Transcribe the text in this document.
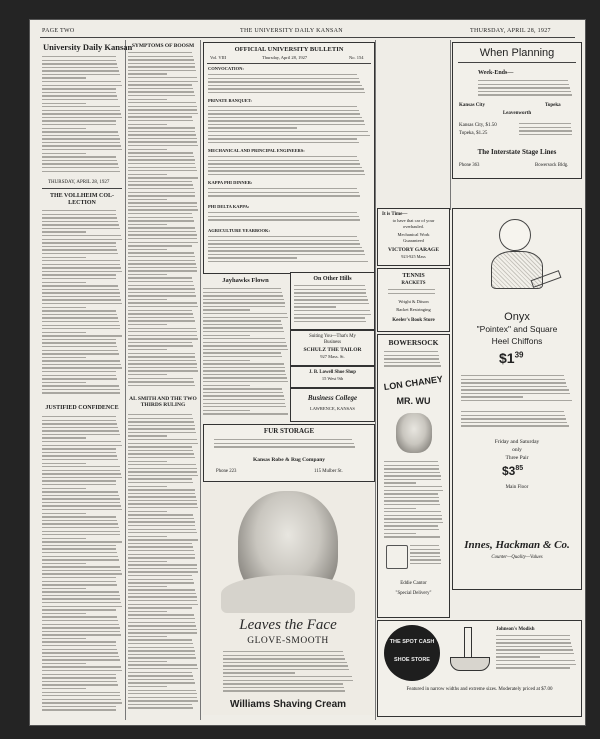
PAGE TWO	THE UNIVERSITY DAILY KANSAN	THURSDAY, APRIL 28, 1927
University Daily Kansan
THURSDAY, APRIL 28, 1927
THE VOLLHEIM COL-
LECTION
JUSTIFIED CONFIDENCE
SYMPTOMS OF BOOSM
AL SMITH AND THE TWO
THIRDS RULING
OFFICIAL UNIVERSITY BULLETIN
Vol. VIII	Thursday, April 28, 1927	No. 154
CONVOCATION:
PRIVATE BANQUET:
MECHANICAL AND PRINCIPAL ENGINEERS:
KAPPA PHI DINNER:
PHI DELTA KAPPA:
AGRICULTURE YEARBOOK:
Jayhawks Flown	On Other Hills
Suiting You—That's My
Business
SCHULZ THE TAILOR
927 Mass. St.
J. B. Lowell Shoe Shop
15 West 9th
Business College
LAWRENCE, KANSAS
FUR STORAGE
Kansas Robe & Rug Company
Phone 223	115 Mulber St.
Leaves the Face
GLOVE-SMOOTH
Williams Shaving Cream
When Planning
Week-Ends—
Kansas City	Topeka
Leavenworth
Kansas City, $1.50
Topeka, $1.25
The Interstate Stage Lines
Phone 363	Bowersock Bldg.
It is Time—
to have that car of your
overhauled.
Mechanical Work
Guaranteed
VICTORY GARAGE
923-925 Mass
TENNIS
RACKETS
Wright & Ditson
Racket Restringing
Keeler's Book Store
BOWERSOCK
LON CHANEY
MR. WU
Eddie Cantor
"Special Delivery"
Onyx
"Pointex" and Square
Heel Chiffons
$\$1^{39}$
Friday and Saturday
only
Three Pair
$\$3^{85}$
Main Floor
Innes, Hackman & Co.
Counter—Quality—Values
THE SPOT CASH
SHOE STORE
Johnson's Modish
Featured in narrow widths and extreme sizes. Moderately priced at $7.00
